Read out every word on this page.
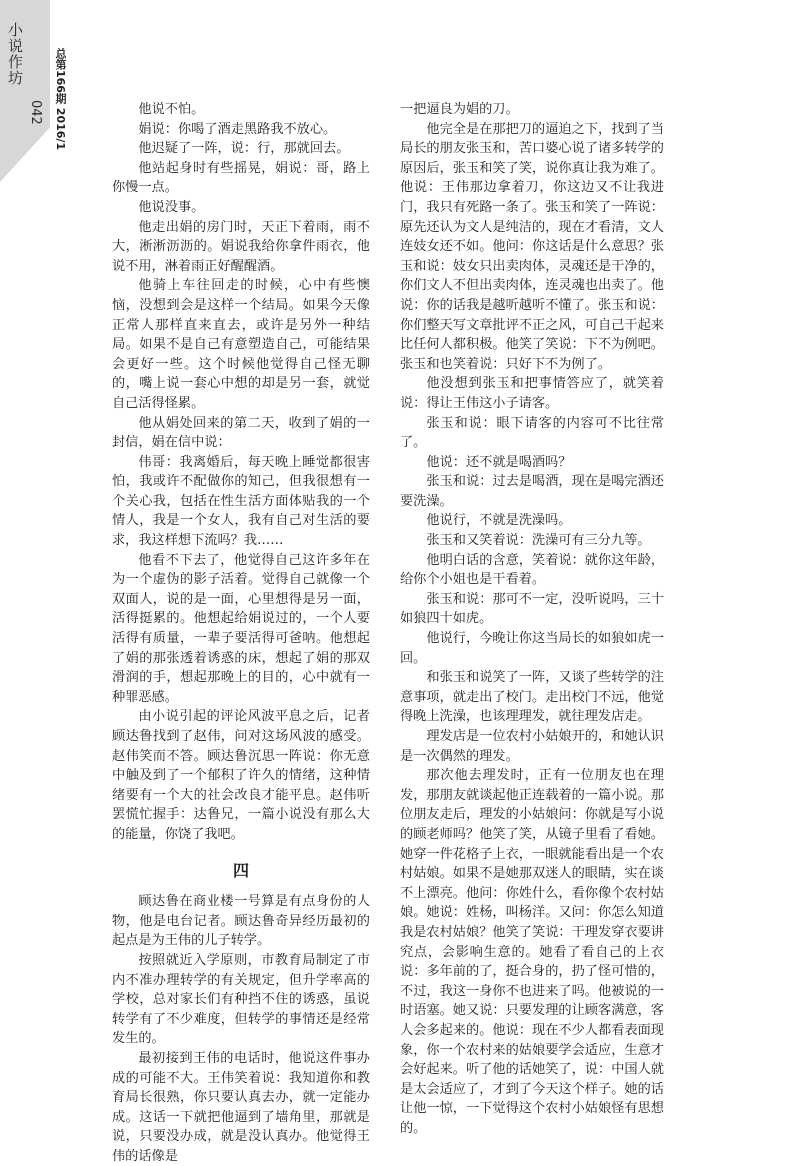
小说作坊
042 总第166期 2016/1	他说不怕。

娟说：你喝了酒走黑路我不放心。

他迟疑了一阵，说：行，那就回去。

他站起身时有些摇晃，娟说：哥，路上你慢一点。

他说没事。

他走出娟的房门时，天正下着雨，雨不大，淅淅沥沥的。娟说我给你拿件雨衣，他说不用，淋着雨正好醒醒酒。

他骑上车往回走的时候，心中有些懊恼，没想到会是这样一个结局。如果今天像正常人那样直来直去，或许是另外一种结局。如果不是自己有意塑造自己，可能结果会更好一些。这个时候他觉得自己怪无聊的，嘴上说一套心中想的却是另一套，就觉自己活得怪累。

他从娟处回来的第二天，收到了娟的一封信，娟在信中说：

伟哥：我离婚后，每天晚上睡觉都很害怕，我或许不配做你的知己，但我很想有一个关心我，包括在性生活方面体贴我的一个情人，我是一个女人，我有自己对生活的要求，我这样想下流吗？我……

他看不下去了，他觉得自己这许多年在为一个虚伪的影子活着。觉得自己就像一个双面人，说的是一面，心里想得是另一面，活得挺累的。他想起给娟说过的，一个人要活得有质量，一辈子要活得可爸呐。他想起了娟的那张透着诱惑的床，想起了娟的那双滑润的手，想起那晚上的目的，心中就有一种罪恶感。

由小说引起的评论风波平息之后，记者顾达鲁找到了赵伟，问对这场风波的感受。赵伟笑而不答。顾达鲁沉思一阵说：你无意中触及到了一个郁积了许久的情绪，这种情绪要有一个大的社会改良才能平息。赵伟听罢慌忙握手：达鲁兄，一篇小说没有那么大的能量，你饶了我吧。

四

顾达鲁在商业楼一号算是有点身份的人物，他是电台记者。顾达鲁奇异经历最初的起点是为王伟的儿子转学。

按照就近入学原则，市教育局制定了市内不准办理转学的有关规定，但升学率高的学校，总对家长们有种挡不住的诱惑，虽说转学有了不少难度，但转学的事情还是经常发生的。

最初接到王伟的电话时，他说这件事办成的可能不大。王伟笑着说：我知道你和教育局长很熟，你只要认真去办，就一定能办成。这话一下就把他逼到了墙角里，那就是说，只要没办成，就是没认真办。他觉得王伟的话像是

一把逼良为娼的刀。

他完全是在那把刀的逼迫之下，找到了当局长的朋友张玉和，苦口婆心说了诸多转学的原因后，张玉和笑了笑，说你真让我为难了。他说：王伟那边拿着刀，你这边又不让我进门，我只有死路一条了。张玉和笑了一阵说：原先还认为文人是纯洁的，现在才看清，文人连妓女还不如。他问：你这话是什么意思？张玉和说：妓女只出卖肉体，灵魂还是干净的，你们文人不但出卖肉体，连灵魂也出卖了。他说：你的话我是越听越听不懂了。张玉和说：你们整天写文章批评不正之风，可自己干起来比任何人都积极。他笑了笑说：下不为例吧。张玉和也笑着说：只好下不为例了。

他没想到张玉和把事情答应了，就笑着说：得让王伟这小子请客。

张玉和说：眼下请客的内容可不比往常了。

他说：还不就是喝酒吗？

张玉和说：过去是喝酒，现在是喝完酒还要洗澡。

他说行，不就是洗澡吗。

张玉和又笑着说：洗澡可有三分九等。

他明白话的含意，笑着说：就你这年龄，给你个小姐也是干看着。

张玉和说：那可不一定，没听说吗，三十如狼四十如虎。

他说行，今晚让你这当局长的如狼如虎一回。

和张玉和说笑了一阵，又谈了些转学的注意事项，就走出了校门。走出校门不远，他觉得晚上洗澡，也该理理发，就往理发店走。

理发店是一位农村小姑娘开的，和她认识是一次偶然的理发。

那次他去理发时，正有一位朋友也在理发，那朋友就谈起他正连载着的一篇小说。那位朋友走后，理发的小姑娘问：你就是写小说的顾老师吗？他笑了笑，从镜子里看了看她。她穿一件花格子上衣，一眼就能看出是一个农村姑娘。如果不是她那双迷人的眼睛，实在谈不上漂亮。他问：你姓什么，看你像个农村姑娘。她说：姓杨，叫杨洋。又问：你怎么知道我是农村姑娘？他笑了笑说：干理发穿衣要讲究点，会影响生意的。她看了看自己的上衣说：多年前的了，挺合身的，扔了怪可惜的，不过，我这一身你不也进来了吗。他被说的一时语塞。她又说：只要发理的让顾客满意，客人会多起来的。他说：现在不少人都看表面现象，你一个农村来的姑娘要学会适应，生意才会好起来。听了他的话她笑了，说：中国人就是太会适应了，才到了今天这个样子。她的话让他一惊，一下觉得这个农村小姑娘怪有思想的。
